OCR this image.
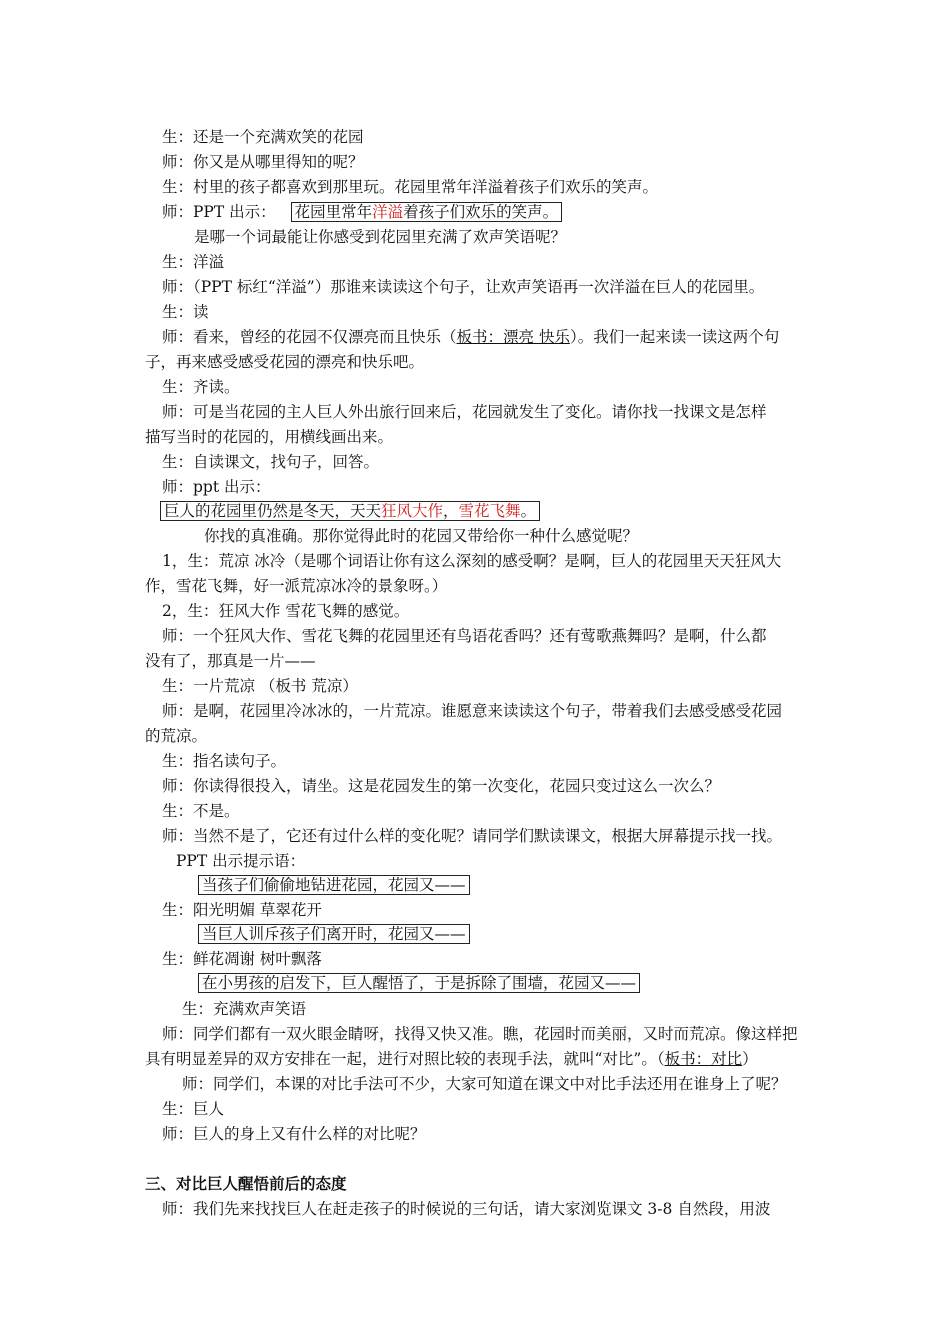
生：还是一个充满欢笑的花园
师：你又是从哪里得知的呢？
生：村里的孩子都喜欢到那里玩。花园里常年洋溢着孩子们欢乐的笑声。
师：PPT 出示： 花园里常年洋溢着孩子们欢乐的笑声。
是哪一个词最能让你感受到花园里充满了欢声笑语呢？
生：洋溢
师：（PPT 标红“洋溢”）那谁来读读这个句子，让欢声笑语再一次洋溢在巨人的花园里。
生：读
师：看来，曾经的花园不仅漂亮而且快乐（板书：漂亮 快乐）。我们一起来读一读这两个句
子，再来感受感受花园的漂亮和快乐吧。
生：齐读。
师：可是当花园的主人巨人外出旅行回来后，花园就发生了变化。请你找一找课文是怎样
描写当时的花园的，用横线画出来。
生：自读课文，找句子，回答。
师：ppt 出示：
巨人的花园里仍然是冬天，天天狂风大作，雪花飞舞。
你找的真准确。那你觉得此时的花园又带给你一种什么感觉呢？
1，生：荒凉 冰冷（是哪个词语让你有这么深刻的感受啊？是啊，巨人的花园里天天狂风大
作，雪花飞舞，好一派荒凉冰冷的景象呀。）
2，生：狂风大作 雪花飞舞的感觉。
师：一个狂风大作、雪花飞舞的花园里还有鸟语花香吗？还有莺歌燕舞吗？是啊，什么都
没有了，那真是一片——
生：一片荒凉 （板书 荒凉）
师：是啊，花园里冷冰冰的，一片荒凉。谁愿意来读读这个句子，带着我们去感受感受花园
的荒凉。
生：指名读句子。
师：你读得很投入，请坐。这是花园发生的第一次变化，花园只变过这么一次么？
生：不是。
师：当然不是了，它还有过什么样的变化呢？请同学们默读课文，根据大屏幕提示找一找。
PPT 出示提示语：
当孩子们偷偷地钻进花园，花园又——
生：阳光明媚 草翠花开
当巨人训斥孩子们离开时，花园又——
生：鲜花凋谢 树叶飘落
在小男孩的启发下，巨人醒悟了，于是拆除了围墙，花园又——
生：充满欢声笑语
师：同学们都有一双火眼金睛呀，找得又快又准。瞧，花园时而美丽，又时而荒凉。像这样把
具有明显差异的双方安排在一起，进行对照比较的表现手法，就叫“对比”。（板书：对比）
师：同学们，本课的对比手法可不少，大家可知道在课文中对比手法还用在谁身上了呢？
生：巨人
师：巨人的身上又有什么样的对比呢？
三、对比巨人醒悟前后的态度
师：我们先来找找巨人在赶走孩子的时候说的三句话，请大家浏览课文 3-8 自然段，用波
